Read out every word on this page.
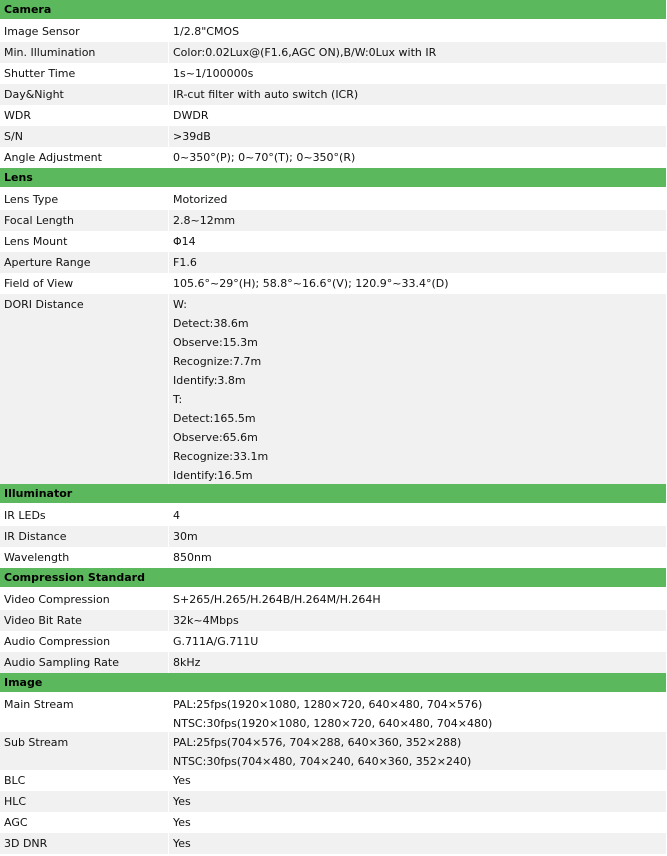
Camera
Image Sensor	1/2.8"CMOS
Min. Illumination	Color:0.02Lux@(F1.6,AGC ON),B/W:0Lux with IR
Shutter Time	1s~1/100000s
Day&Night	IR-cut filter with auto switch (ICR)
WDR	DWDR
S/N	>39dB
Angle Adjustment	0~350°(P); 0~70°(T); 0~350°(R)
Lens
Lens Type	Motorized
Focal Length	2.8~12mm
Lens Mount	Φ14
Aperture Range	F1.6
Field of View	105.6°~29°(H); 58.8°~16.6°(V); 120.9°~33.4°(D)
DORI Distance	W:
Detect:38.6m
Observe:15.3m
Recognize:7.7m
Identify:3.8m
T:
Detect:165.5m
Observe:65.6m
Recognize:33.1m
Identify:16.5m
Illuminator
IR LEDs	4
IR Distance	30m
Wavelength	850nm
Compression Standard
Video Compression	S+265/H.265/H.264B/H.264M/H.264H
Video Bit Rate	32k~4Mbps
Audio Compression	G.711A/G.711U
Audio Sampling Rate	8kHz
Image
Main Stream	PAL:25fps(1920×1080, 1280×720, 640×480, 704×576)
NTSC:30fps(1920×1080, 1280×720, 640×480, 704×480)
Sub Stream	PAL:25fps(704×576, 704×288, 640×360, 352×288)
NTSC:30fps(704×480, 704×240, 640×360, 352×240)
BLC	Yes
HLC	Yes
AGC	Yes
3D DNR	Yes
